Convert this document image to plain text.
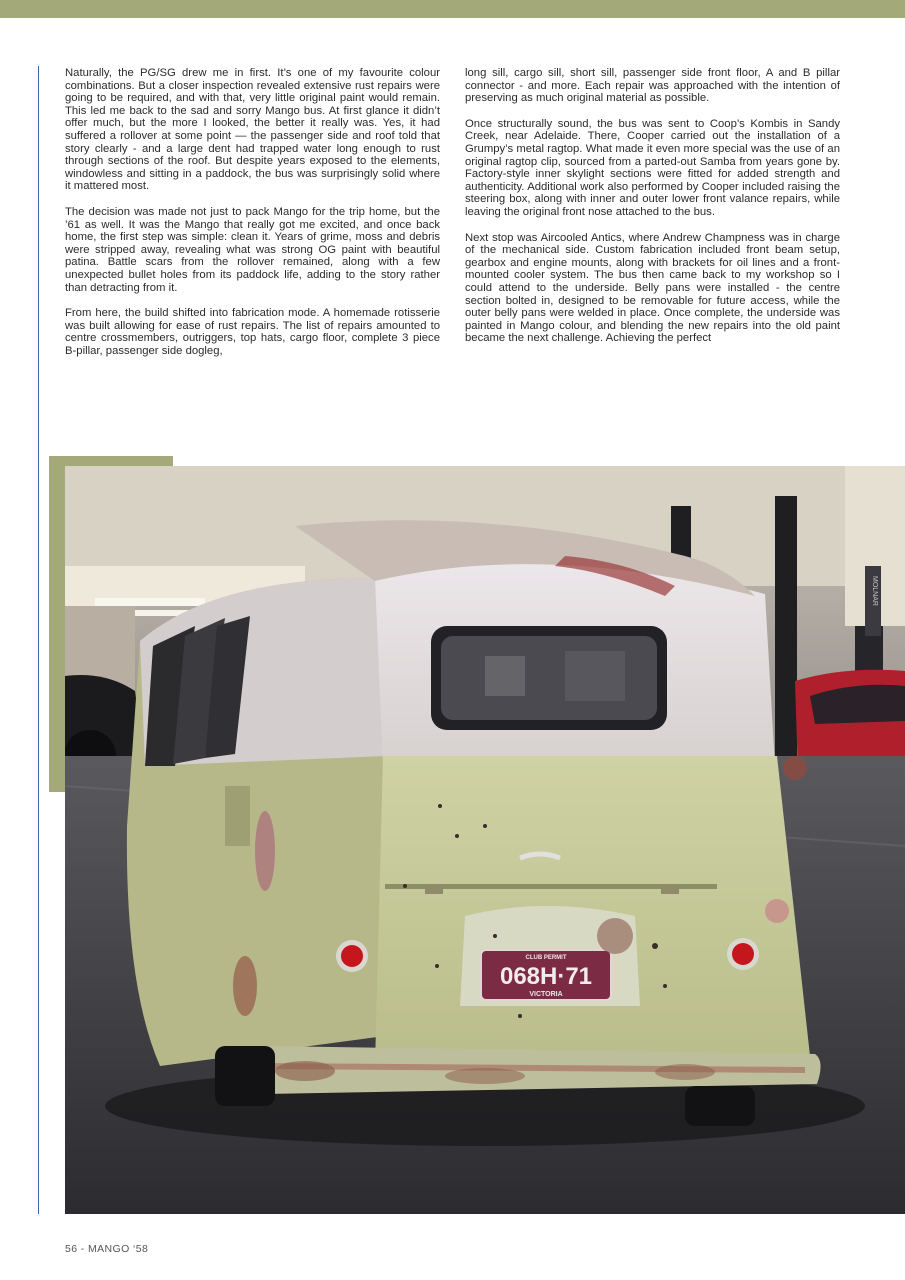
Naturally, the PG/SG drew me in first. It’s one of my favourite colour combinations. But a closer inspection revealed extensive rust repairs were going to be required, and with that, very little original paint would remain. This led me back to the sad and sorry Mango bus. At first glance it didn’t offer much, but the more I looked, the better it really was. Yes, it had suffered a rollover at some point — the passenger side and roof told that story clearly - and a large dent had trapped water long enough to rust through sections of the roof. But despite years exposed to the elements, windowless and sitting in a paddock, the bus was surprisingly solid where it mattered most.

The decision was made not just to pack Mango for the trip home, but the ’61 as well. It was the Mango that really got me excited, and once back home, the first step was simple: clean it. Years of grime, moss and debris were stripped away, revealing what was strong OG paint with beautiful patina. Battle scars from the rollover remained, along with a few unexpected bullet holes from its paddock life, adding to the story rather than detracting from it.

From here, the build shifted into fabrication mode. A homemade rotisserie was built allowing for ease of rust repairs. The list of repairs amounted to centre crossmembers, outriggers, top hats, cargo floor, complete 3 piece B-pillar, passenger side dogleg,

long sill, cargo sill, short sill, passenger side front floor, A and B pillar connector - and more. Each repair was approached with the intention of preserving as much original material as possible.

Once structurally sound, the bus was sent to Coop’s Kombis in Sandy Creek, near Adelaide. There, Cooper carried out the installation of a Grumpy’s metal ragtop. What made it even more special was the use of an original ragtop clip, sourced from a parted-out Samba from years gone by. Factory-style inner skylight sections were fitted for added strength and authenticity. Additional work also performed by Cooper included raising the steering box, along with inner and outer lower front valance repairs, while leaving the original front nose attached to the bus.

Next stop was Aircooled Antics, where Andrew Champness was in charge of the mechanical side. Custom fabrication included front beam setup, gearbox and engine mounts, along with brackets for oil lines and a front-mounted cooler system. The bus then came back to my workshop so I could attend to the underside. Belly pans were installed - the centre section bolted in, designed to be removable for future access, while the outer belly pans were welded in place. Once complete, the underside was painted in Mango colour, and blending the new repairs into the old paint became the next challenge. Achieving the perfect

MOLNAR
CLUB PERMIT
068H·71
VICTORIA
56 - MANGO ‘58
